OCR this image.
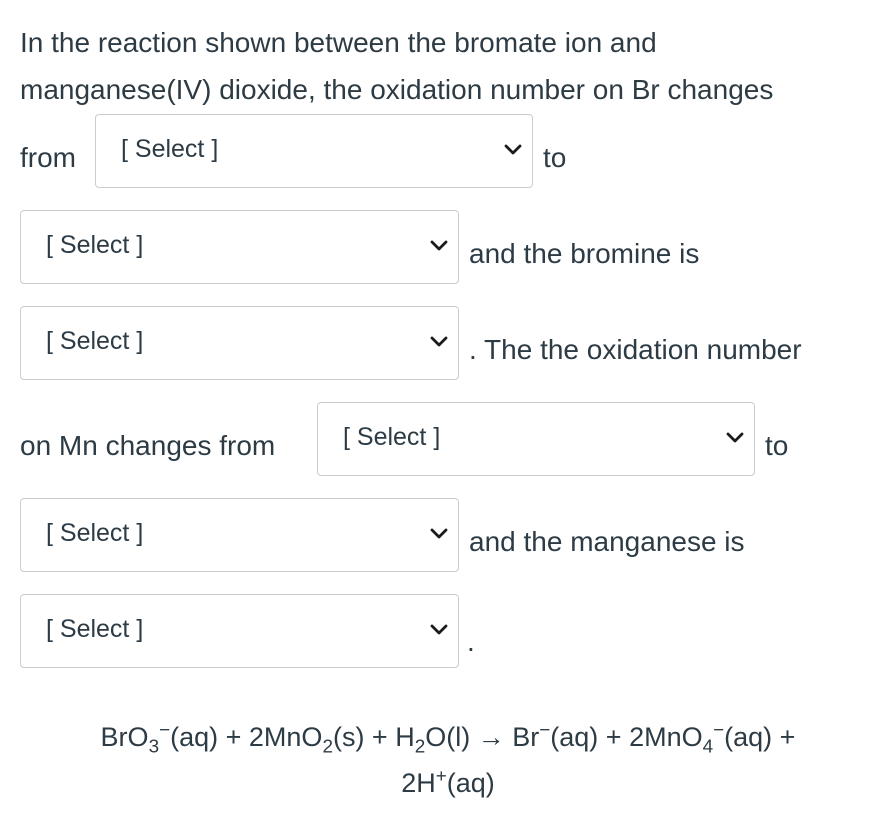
In the reaction shown between the bromate ion and
manganese(IV) dioxide, the oxidation number on Br changes
from [ Select ]	to
[ Select ]	and the bromine is
[ Select ]	. The the oxidation number
on Mn changes from	[ Select ]	to
[ Select ]	and the manganese is
[ Select ]	.
$BrO_3^-(aq) + 2MnO_2(s) + H_2O(l) \to Br^-(aq) + 2MnO_4^-(aq)$ +
2H+(aq)
